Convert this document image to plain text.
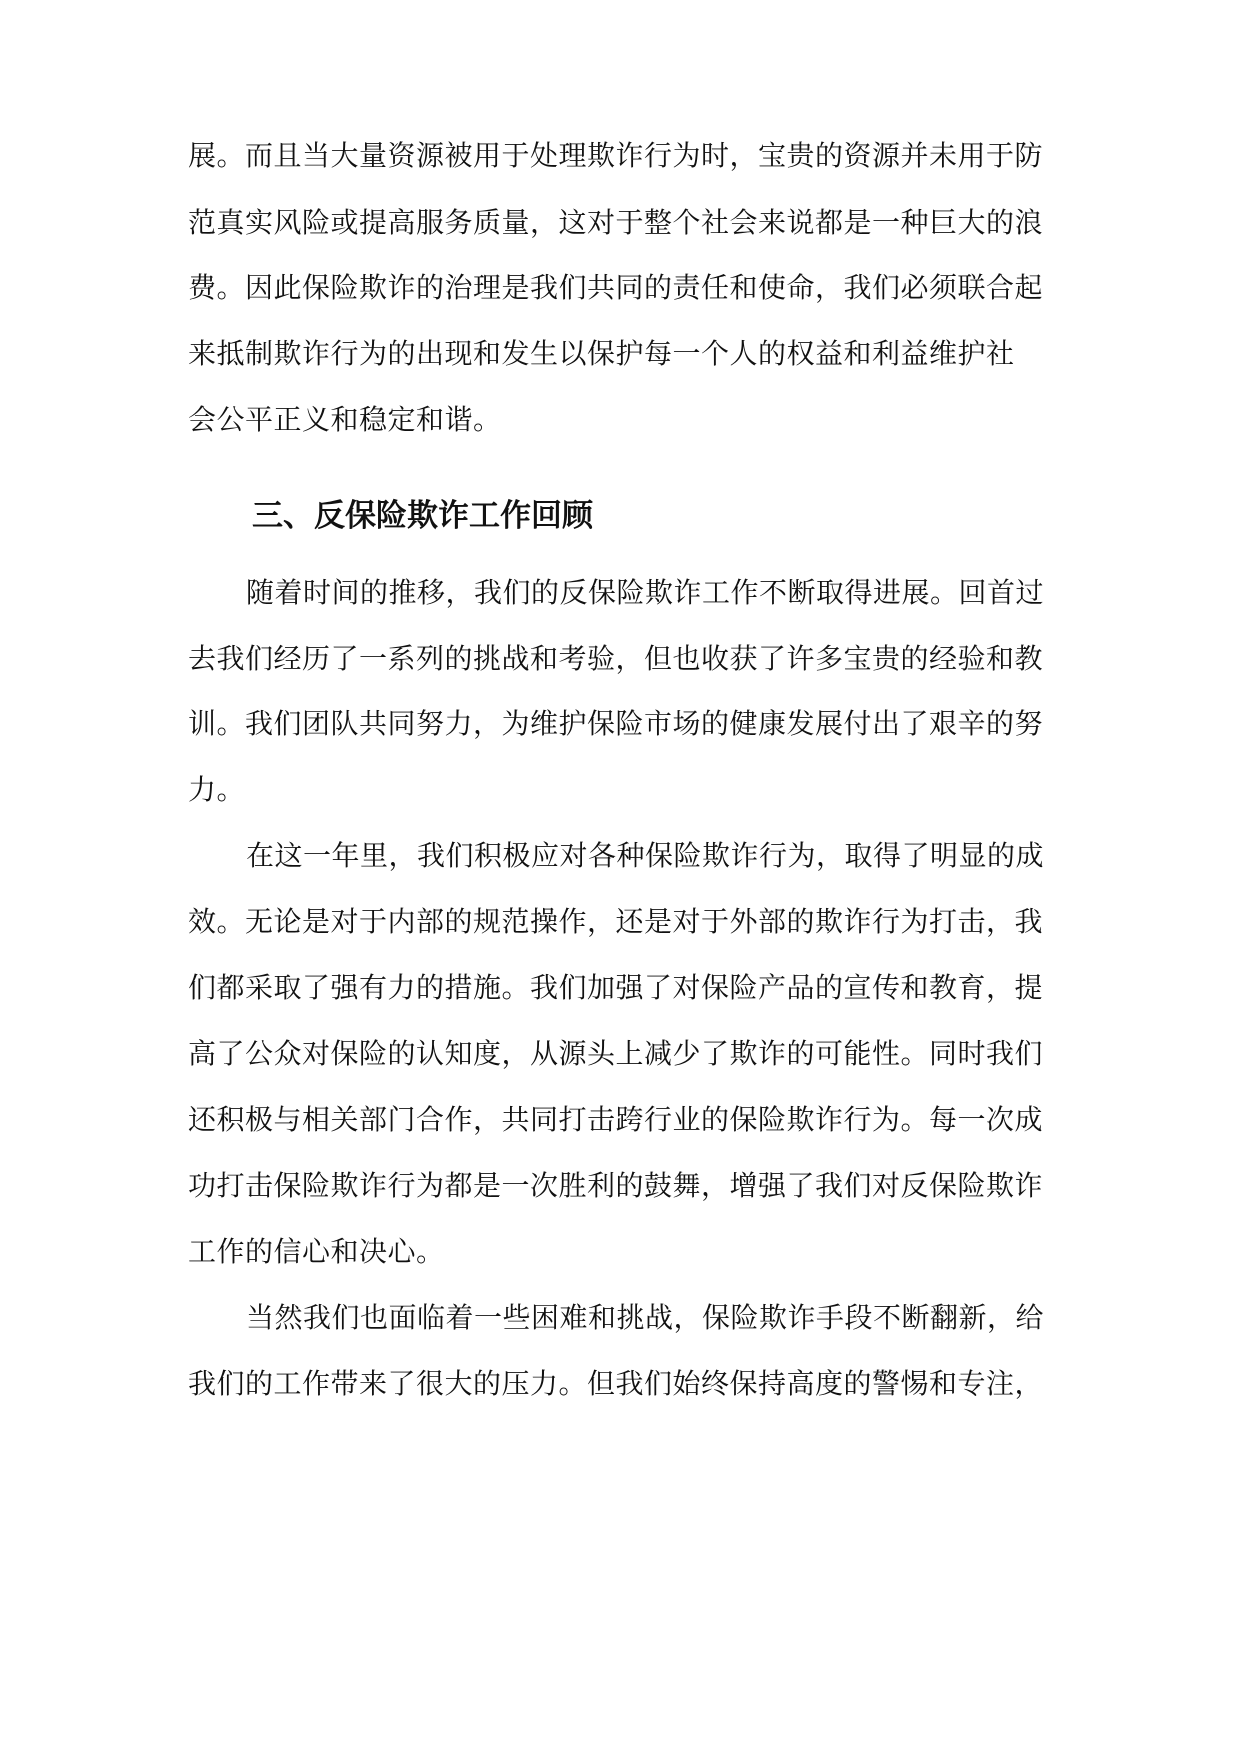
展。而且当大量资源被用于处理欺诈行为时，宝贵的资源并未用于防
范真实风险或提高服务质量，这对于整个社会来说都是一种巨大的浪
费。因此保险欺诈的治理是我们共同的责任和使命，我们必须联合起
来抵制欺诈行为的出现和发生以保护每一个人的权益和利益维护社
会公平正义和稳定和谐。
三、反保险欺诈工作回顾
随着时间的推移，我们的反保险欺诈工作不断取得进展。回首过
去我们经历了一系列的挑战和考验，但也收获了许多宝贵的经验和教
训。我们团队共同努力，为维护保险市场的健康发展付出了艰辛的努
力。
在这一年里，我们积极应对各种保险欺诈行为，取得了明显的成
效。无论是对于内部的规范操作，还是对于外部的欺诈行为打击，我
们都采取了强有力的措施。我们加强了对保险产品的宣传和教育，提
高了公众对保险的认知度，从源头上减少了欺诈的可能性。同时我们
还积极与相关部门合作，共同打击跨行业的保险欺诈行为。每一次成
功打击保险欺诈行为都是一次胜利的鼓舞，增强了我们对反保险欺诈
工作的信心和决心。
当然我们也面临着一些困难和挑战，保险欺诈手段不断翻新，给
我们的工作带来了很大的压力。但我们始终保持高度的警惕和专注，
